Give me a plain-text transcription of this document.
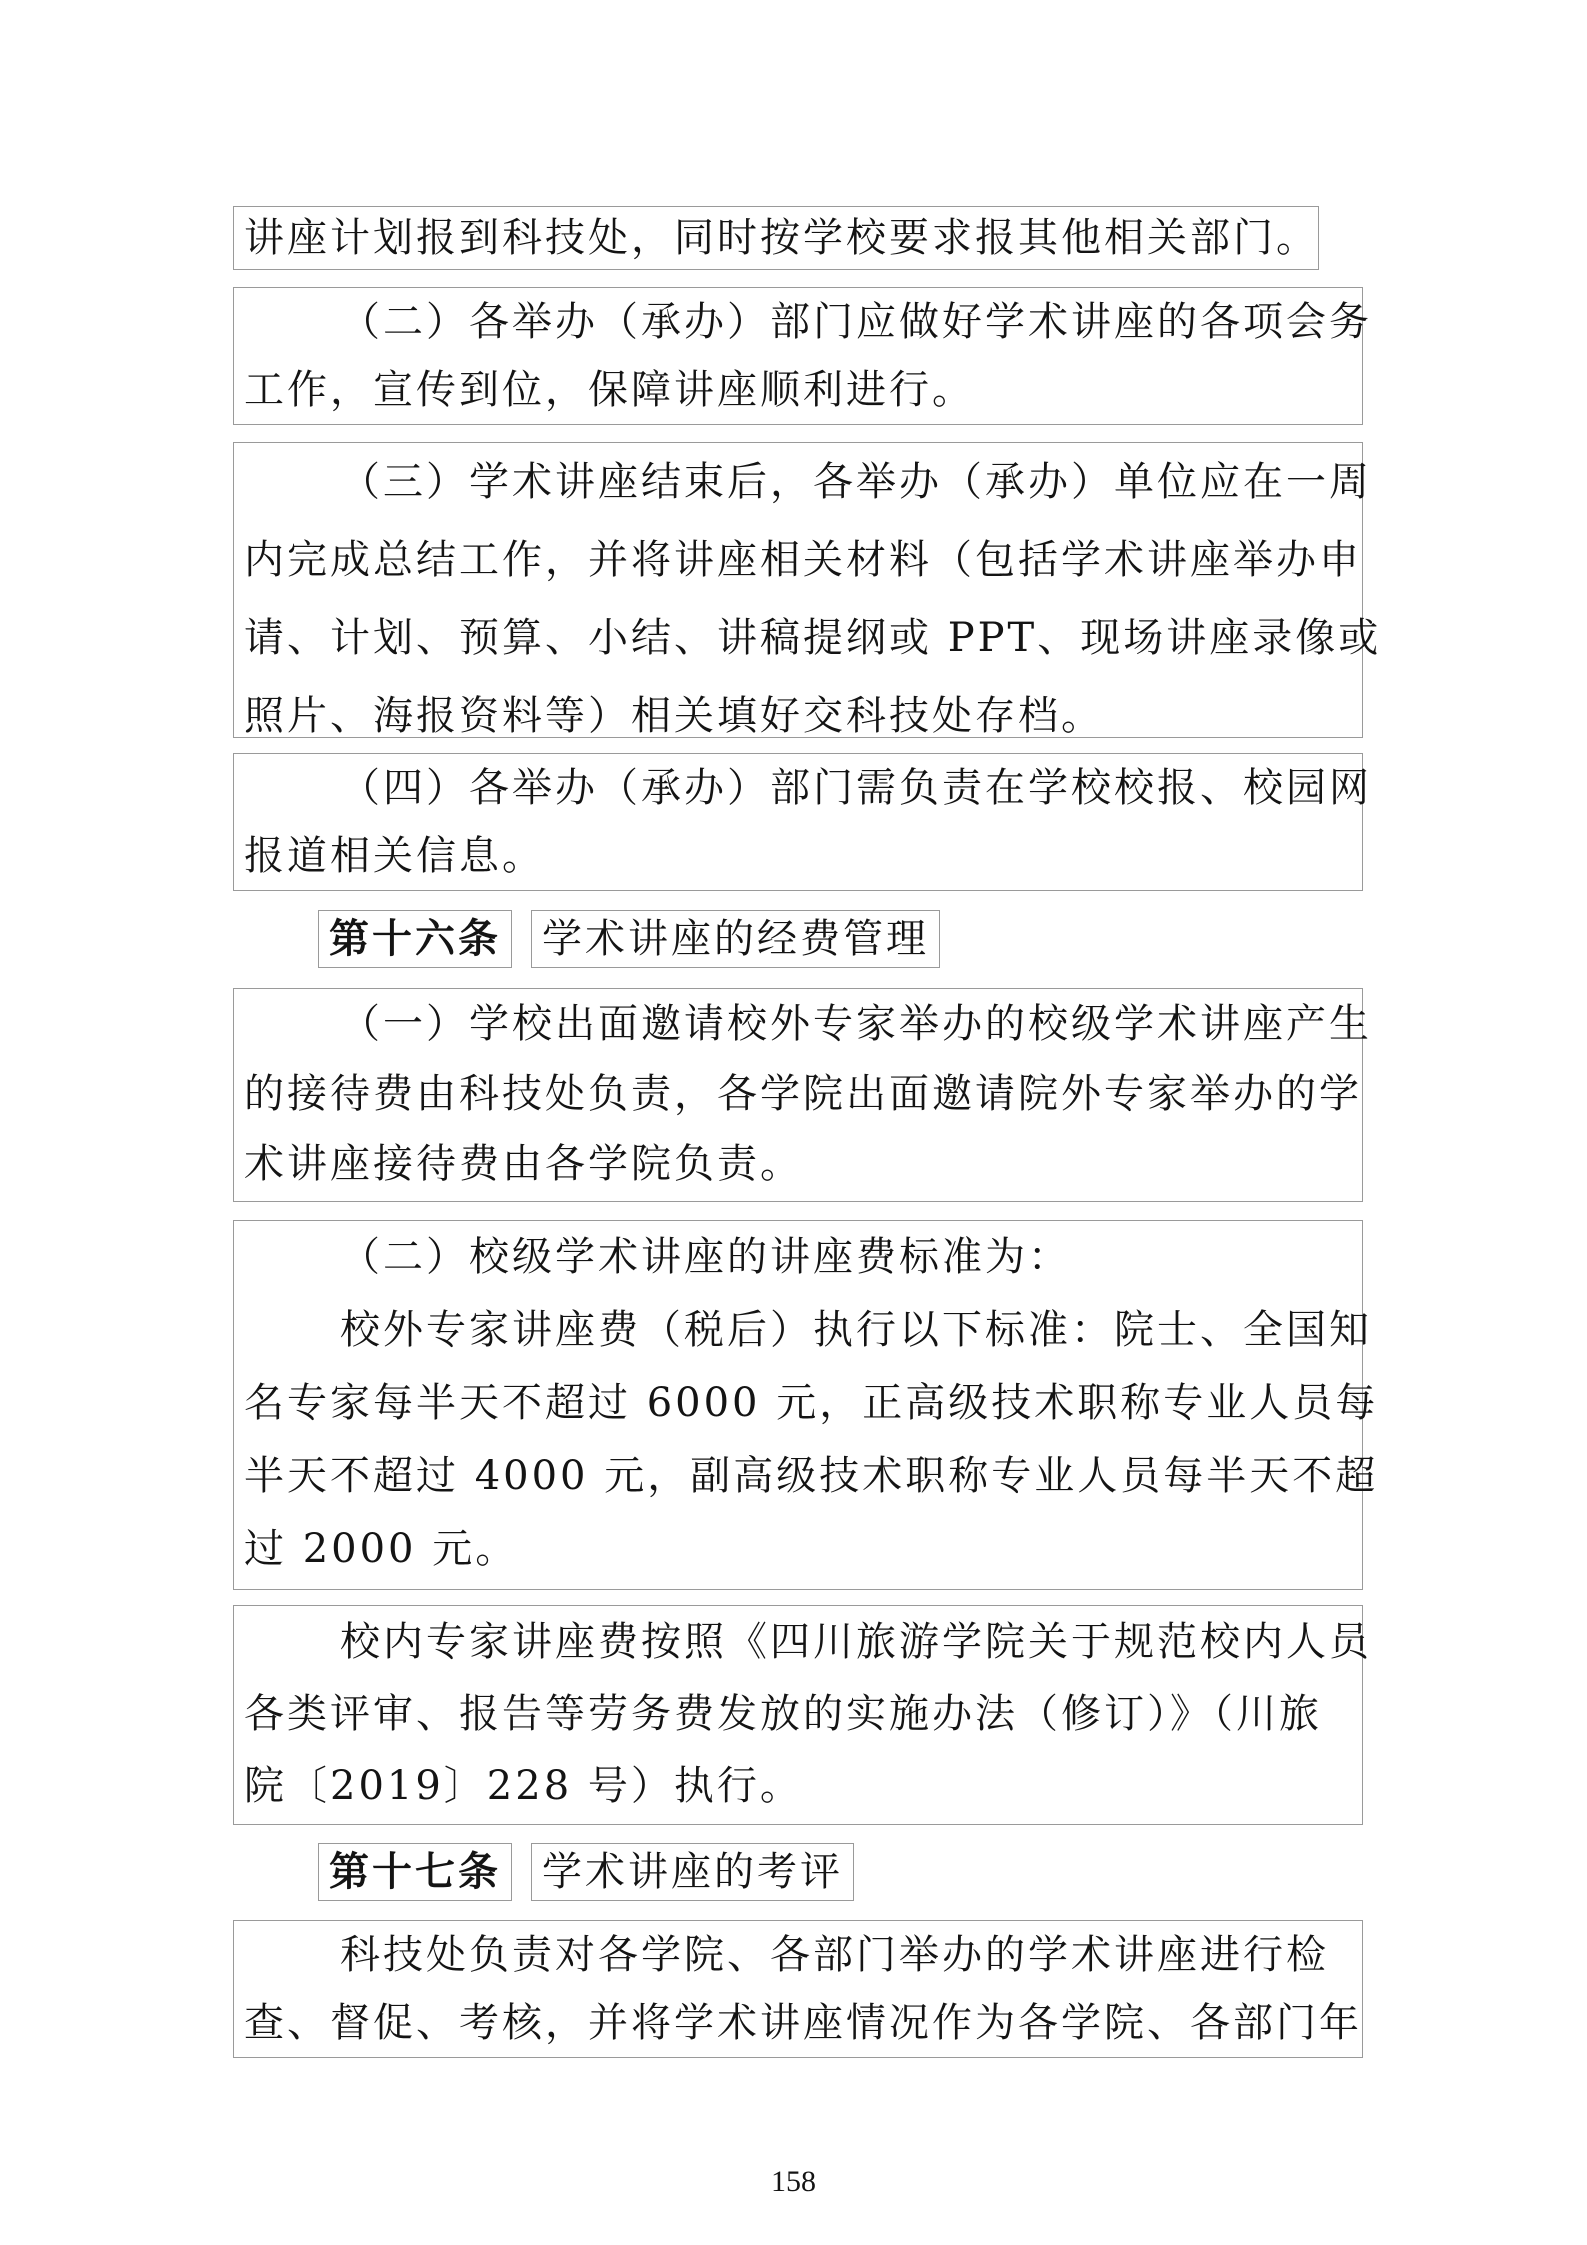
讲座计划报到科技处，同时按学校要求报其他相关部门。

（二）各举办（承办）部门应做好学术讲座的各项会务

工作，宣传到位，保障讲座顺利进行。

（三）学术讲座结束后，各举办（承办）单位应在一周

内完成总结工作，并将讲座相关材料（包括学术讲座举办申

请、计划、预算、小结、讲稿提纲或 PPT、现场讲座录像或

照片、海报资料等）相关填好交科技处存档。

（四）各举办（承办）部门需负责在学校校报、校园网

报道相关信息。

第十六条 学术讲座的经费管理

（一）学校出面邀请校外专家举办的校级学术讲座产生

的接待费由科技处负责，各学院出面邀请院外专家举办的学

术讲座接待费由各学院负责。

（二）校级学术讲座的讲座费标准为：

校外专家讲座费（税后）执行以下标准：院士、全国知

名专家每半天不超过 6000 元，正高级技术职称专业人员每

半天不超过 4000 元，副高级技术职称专业人员每半天不超

过 2000 元。

校内专家讲座费按照《四川旅游学院关于规范校内人员

各类评审、报告等劳务费发放的实施办法（修订）》（川旅

院〔2019〕228 号）执行。

第十七条 学术讲座的考评

科技处负责对各学院、各部门举办的学术讲座进行检

查、督促、考核，并将学术讲座情况作为各学院、各部门年

158
